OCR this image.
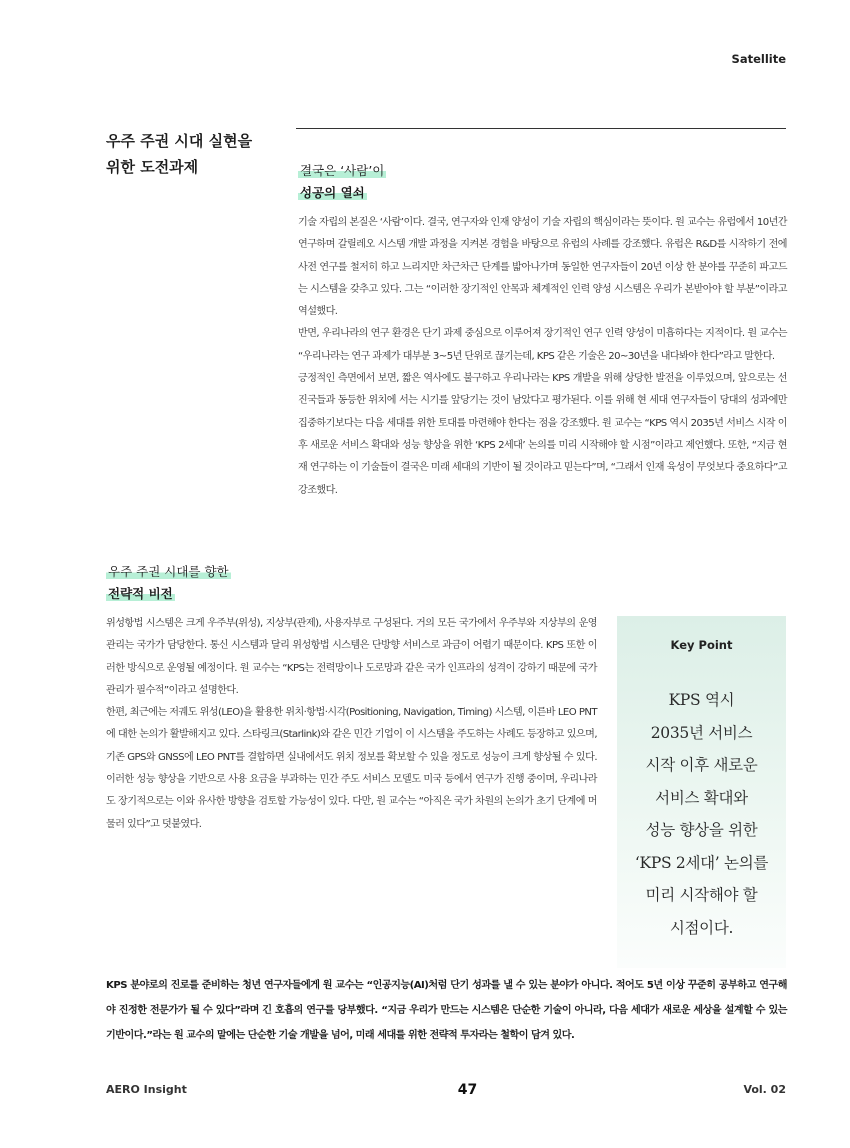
Satellite
우주 주권 시대 실현을
위한 도전과제	결국은 ‘사람’이
성공의 열쇠

기술 자립의 본질은 ‘사람’이다. 결국, 연구자와 인재 양성이 기술 자립의 핵심이라는 뜻이다. 원 교수는 유럽에서 10년간 연구하며 갈릴레오 시스템 개발 과정을 지켜본 경험을 바탕으로 유럽의 사례를 강조했다. 유럽은 R&D를 시작하기 전에 사전 연구를 철저히 하고 느리지만 차근차근 단계를 밟아나가며 동일한 연구자들이 20년 이상 한 분야를 꾸준히 파고드는 시스템을 갖추고 있다. 그는 “이러한 장기적인 안목과 체계적인 인력 양성 시스템은 우리가 본받아야 할 부분”이라고 역설했다.

반면, 우리나라의 연구 환경은 단기 과제 중심으로 이루어져 장기적인 연구 인력 양성이 미흡하다는 지적이다. 원 교수는 “우리나라는 연구 과제가 대부분 3~5년 단위로 끊기는데, KPS 같은 기술은 20~30년을 내다봐야 한다”라고 말한다.

긍정적인 측면에서 보면, 짧은 역사에도 불구하고 우리나라는 KPS 개발을 위해 상당한 발전을 이루었으며, 앞으로는 선진국들과 동등한 위치에 서는 시기를 앞당기는 것이 남았다고 평가된다. 이를 위해 현 세대 연구자들이 당대의 성과에만 집중하기보다는 다음 세대를 위한 토대를 마련해야 한다는 점을 강조했다. 원 교수는 “KPS 역시 2035년 서비스 시작 이후 새로운 서비스 확대와 성능 향상을 위한 ‘KPS 2세대’ 논의를 미리 시작해야 할 시점”이라고 제언했다. 또한, “지금 현재 연구하는 이 기술들이 결국은 미래 세대의 기반이 될 것이라고 믿는다”며, “그래서 인재 육성이 무엇보다 중요하다”고 강조했다.

우주 주권 시대를 향한
전략적 비전

위성항법 시스템은 크게 우주부(위성), 지상부(관제), 사용자부로 구성된다. 거의 모든 국가에서 우주부와 지상부의 운영 관리는 국가가 담당한다. 통신 시스템과 달리 위성항법 시스템은 단방향 서비스로 과금이 어렵기 때문이다. KPS 또한 이러한 방식으로 운영될 예정이다. 원 교수는 “KPS는 전력망이나 도로망과 같은 국가 인프라의 성격이 강하기 때문에 국가 관리가 필수적”이라고 설명한다.

한편, 최근에는 저궤도 위성(LEO)을 활용한 위치·항법·시각(Positioning, Navigation, Timing) 시스템, 이른바 LEO PNT에 대한 논의가 활발해지고 있다. 스타링크(Starlink)와 같은 민간 기업이 이 시스템을 주도하는 사례도 등장하고 있으며, 기존 GPS와 GNSS에 LEO PNT를 결합하면 실내에서도 위치 정보를 확보할 수 있을 정도로 성능이 크게 향상될 수 있다. 이러한 성능 향상을 기반으로 사용 요금을 부과하는 민간 주도 서비스 모델도 미국 등에서 연구가 진행 중이며, 우리나라도 장기적으로는 이와 유사한 방향을 검토할 가능성이 있다. 다만, 원 교수는 “아직은 국가 차원의 논의가 초기 단계에 머물러 있다”고 덧붙였다.

Key Point
KPS 역시
2035년 서비스
시작 이후 새로운
서비스 확대와
성능 향상을 위한
‘KPS 2세대’ 논의를
미리 시작해야 할
시점이다.
KPS 분야로의 진로를 준비하는 청년 연구자들에게 원 교수는 “인공지능(AI)처럼 단기 성과를 낼 수 있는 분야가 아니다. 적어도 5년 이상 꾸준히 공부하고 연구해야 진정한 전문가가 될 수 있다”라며 긴 호흡의 연구를 당부했다. “지금 우리가 만드는 시스템은 단순한 기술이 아니라, 다음 세대가 새로운 세상을 설계할 수 있는 기반이다.”라는 원 교수의 말에는 단순한 기술 개발을 넘어, 미래 세대를 위한 전략적 투자라는 철학이 담겨 있다.
AERO Insight	47	Vol. 02
